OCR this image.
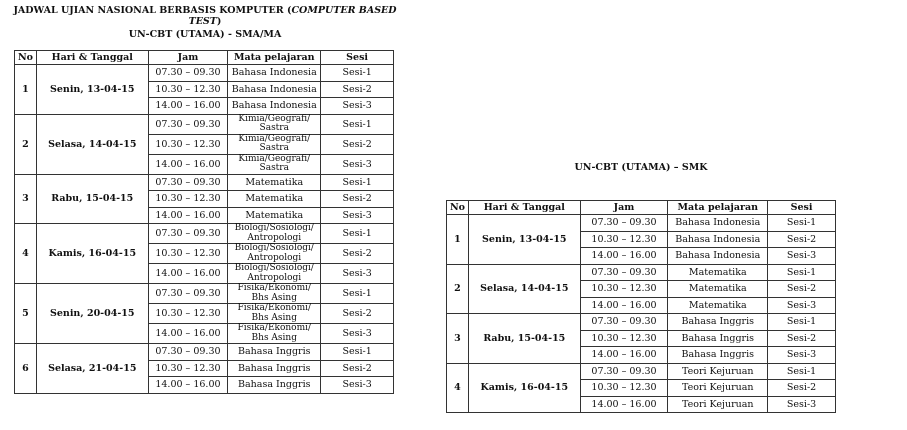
JADWAL UJIAN NASIONAL BERBASIS KOMPUTER (COMPUTER BASED TEST)
UN-CBT (UTAMA) - SMA/MA
UN-CBT (UTAMA) – SMK
No	Hari & Tanggal	Jam	Mata pelajaran	Sesi
1	Senin, 13-04-15	07.30 – 09.30	Bahasa Indonesia	Sesi-1
		10.30 – 12.30	Bahasa Indonesia	Sesi-2
		14.00 – 16.00	Bahasa Indonesia	Sesi-3
2	Selasa, 14-04-15	07.30 – 09.30	Kimia/Geografi/ Sastra	Sesi-1
		10.30 – 12.30	Kimia/Geografi/ Sastra	Sesi-2
		14.00 – 16.00	Kimia/Geografi/ Sastra	Sesi-3
3	Rabu, 15-04-15	07.30 – 09.30	Matematika	Sesi-1
		10.30 – 12.30	Matematika	Sesi-2
		14.00 – 16.00	Matematika	Sesi-3
4	Kamis, 16-04-15	07.30 – 09.30	Biologi/Sosiologi/ Antropologi	Sesi-1
		10.30 – 12.30	Biologi/Sosiologi/ Antropologi	Sesi-2
		14.00 – 16.00	Biologi/Sosiologi/ Antropologi	Sesi-3
5	Senin, 20-04-15	07.30 – 09.30	Fisika/Ekonomi/ Bhs Asing	Sesi-1
		10.30 – 12.30	Fisika/Ekonomi/ Bhs Asing	Sesi-2
		14.00 – 16.00	Fisika/Ekonomi/ Bhs Asing	Sesi-3
6	Selasa, 21-04-15	07.30 – 09.30	Bahasa Inggris	Sesi-1
		10.30 – 12.30	Bahasa Inggris	Sesi-2
		14.00 – 16.00	Bahasa Inggris	Sesi-3
No	Hari & Tanggal	Jam	Mata pelajaran	Sesi
1	Senin, 13-04-15	07.30 – 09.30	Bahasa Indonesia	Sesi-1
		10.30 – 12.30	Bahasa Indonesia	Sesi-2
		14.00 – 16.00	Bahasa Indonesia	Sesi-3
2	Selasa, 14-04-15	07.30 – 09.30	Matematika	Sesi-1
		10.30 – 12.30	Matematika	Sesi-2
		14.00 – 16.00	Matematika	Sesi-3
3	Rabu, 15-04-15	07.30 – 09.30	Bahasa Inggris	Sesi-1
		10.30 – 12.30	Bahasa Inggris	Sesi-2
		14.00 – 16.00	Bahasa Inggris	Sesi-3
4	Kamis, 16-04-15	07.30 – 09.30	Teori Kejuruan	Sesi-1
		10.30 – 12.30	Teori Kejuruan	Sesi-2
		14.00 – 16.00	Teori Kejuruan	Sesi-3
